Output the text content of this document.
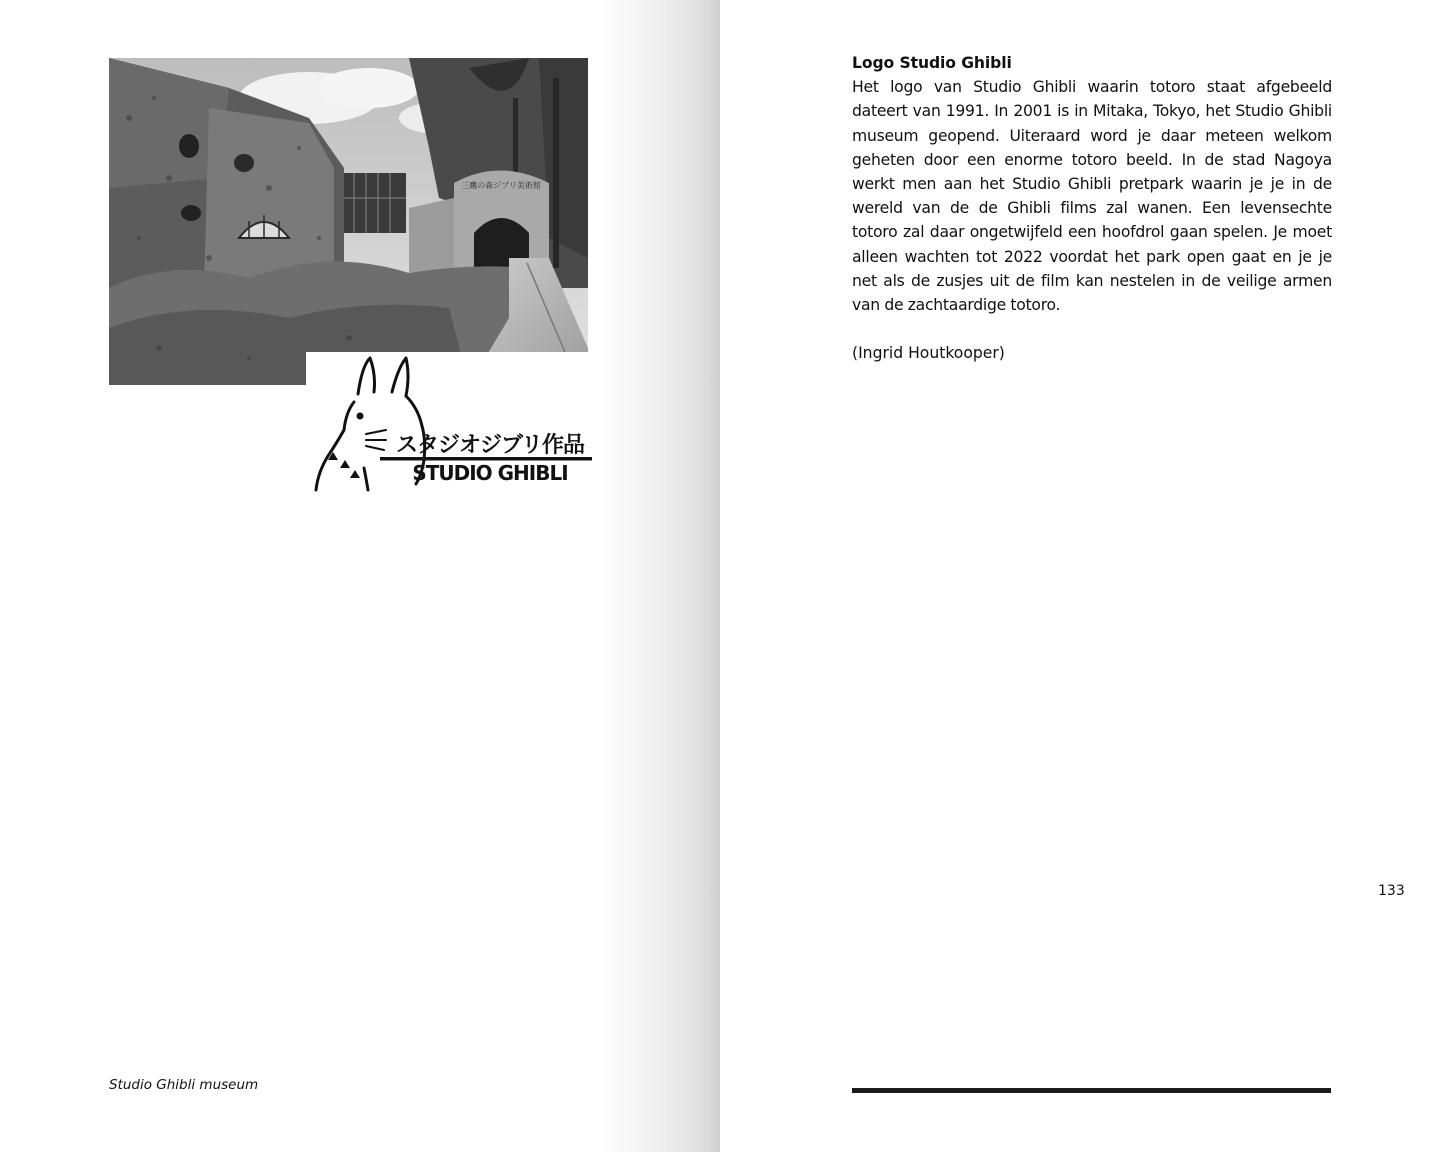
三鷹の森ジブリ美術館
スタジオジブリ作品
STUDIO GHIBLI

Studio Ghibli museum

Logo Studio Ghibli

Het logo van Studio Ghibli waarin totoro staat afgebeeld dateert van 1991. In 2001 is in Mitaka, Tokyo, het Studio Ghibli museum geopend. Uiteraard word je daar meteen welkom geheten door een enorme totoro beeld. In de stad Nagoya werkt men aan het Studio Ghibli pretpark waarin je je in de wereld van de de Ghibli films zal wanen. Een levensechte totoro zal daar ongetwijfeld een hoofdrol gaan spelen. Je moet alleen wachten tot 2022 voordat het park open gaat en je je net als de zusjes uit de film kan nestelen in de veilige armen van de zachtaardige totoro.

(Ingrid Houtkooper)

133
